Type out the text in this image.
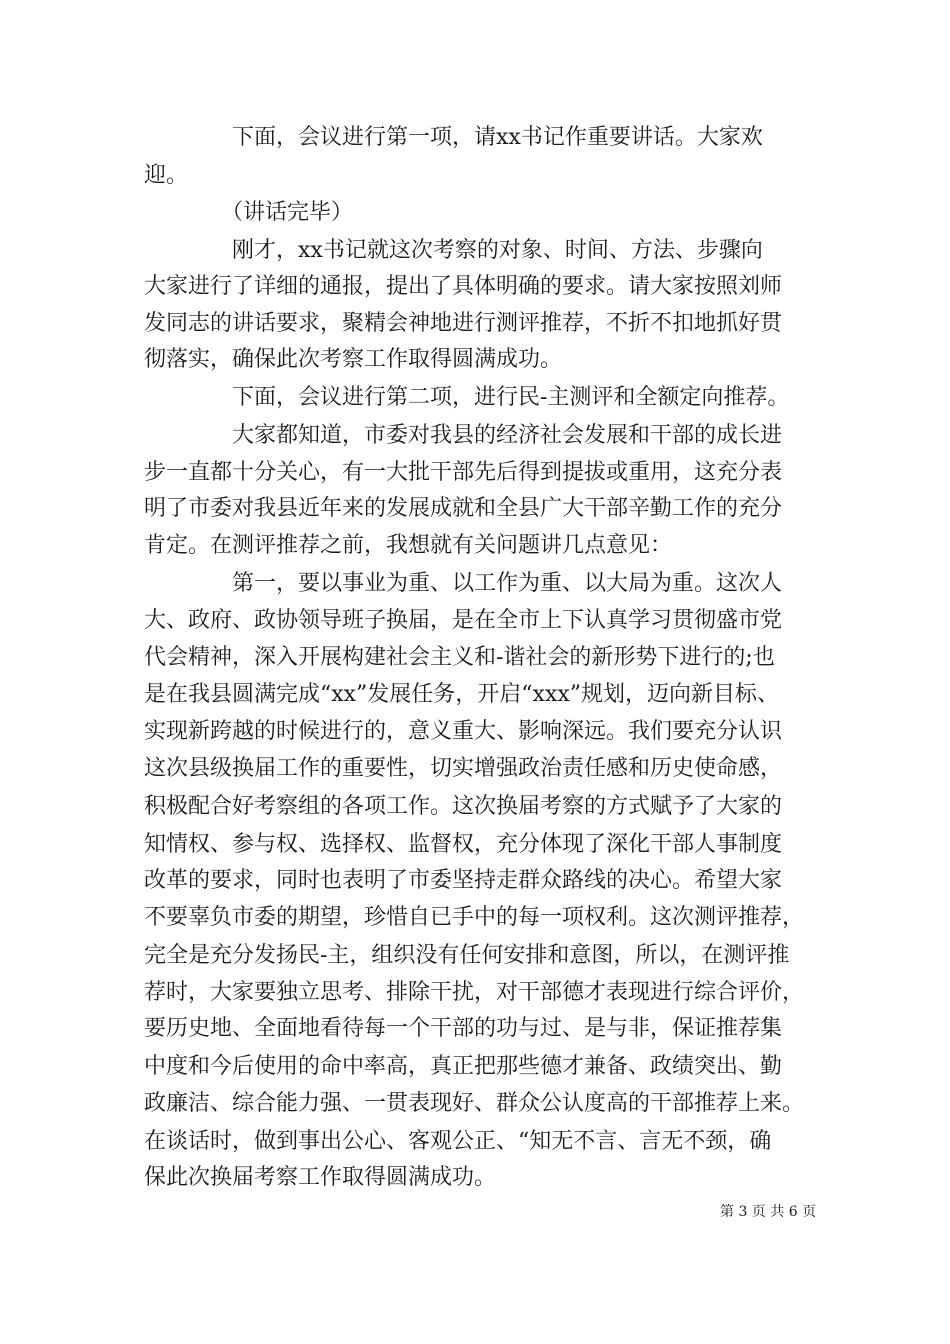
　　　　下面，会议进行第一项，请xx书记作重要讲话。大家欢
迎。
　　　　（讲话完毕）
　　　　刚才，xx书记就这次考察的对象、时间、方法、步骤向
大家进行了详细的通报，提出了具体明确的要求。请大家按照刘师
发同志的讲话要求，聚精会神地进行测评推荐，不折不扣地抓好贯
彻落实，确保此次考察工作取得圆满成功。
　　　　下面，会议进行第二项，进行民-主测评和全额定向推荐。
　　　　大家都知道，市委对我县的经济社会发展和干部的成长进
步一直都十分关心，有一大批干部先后得到提拔或重用，这充分表
明了市委对我县近年来的发展成就和全县广大干部辛勤工作的充分
肯定。在测评推荐之前，我想就有关问题讲几点意见：
　　　　第一，要以事业为重、以工作为重、以大局为重。这次人
大、政府、政协领导班子换届，是在全市上下认真学习贯彻盛市党
代会精神，深入开展构建社会主义和-谐社会的新形势下进行的;也
是在我县圆满完成“xx”发展任务，开启“xxx”规划，迈向新目标、
实现新跨越的时候进行的，意义重大、影响深远。我们要充分认识
这次县级换届工作的重要性，切实增强政治责任感和历史使命感，
积极配合好考察组的各项工作。这次换届考察的方式赋予了大家的
知情权、参与权、选择权、监督权，充分体现了深化干部人事制度
改革的要求，同时也表明了市委坚持走群众路线的决心。希望大家
不要辜负市委的期望，珍惜自已手中的每一项权利。这次测评推荐，
完全是充分发扬民-主，组织没有任何安排和意图，所以，在测评推
荐时，大家要独立思考、排除干扰，对干部德才表现进行综合评价，
要历史地、全面地看待每一个干部的功与过、是与非，保证推荐集
中度和今后使用的命中率高，真正把那些德才兼备、政绩突出、勤
政廉洁、综合能力强、一贯表现好、群众公认度高的干部推荐上来。
在谈话时，做到事出公心、客观公正、“知无不言、言无不颈，确
保此次换届考察工作取得圆满成功。
第 3 页 共 6 页
